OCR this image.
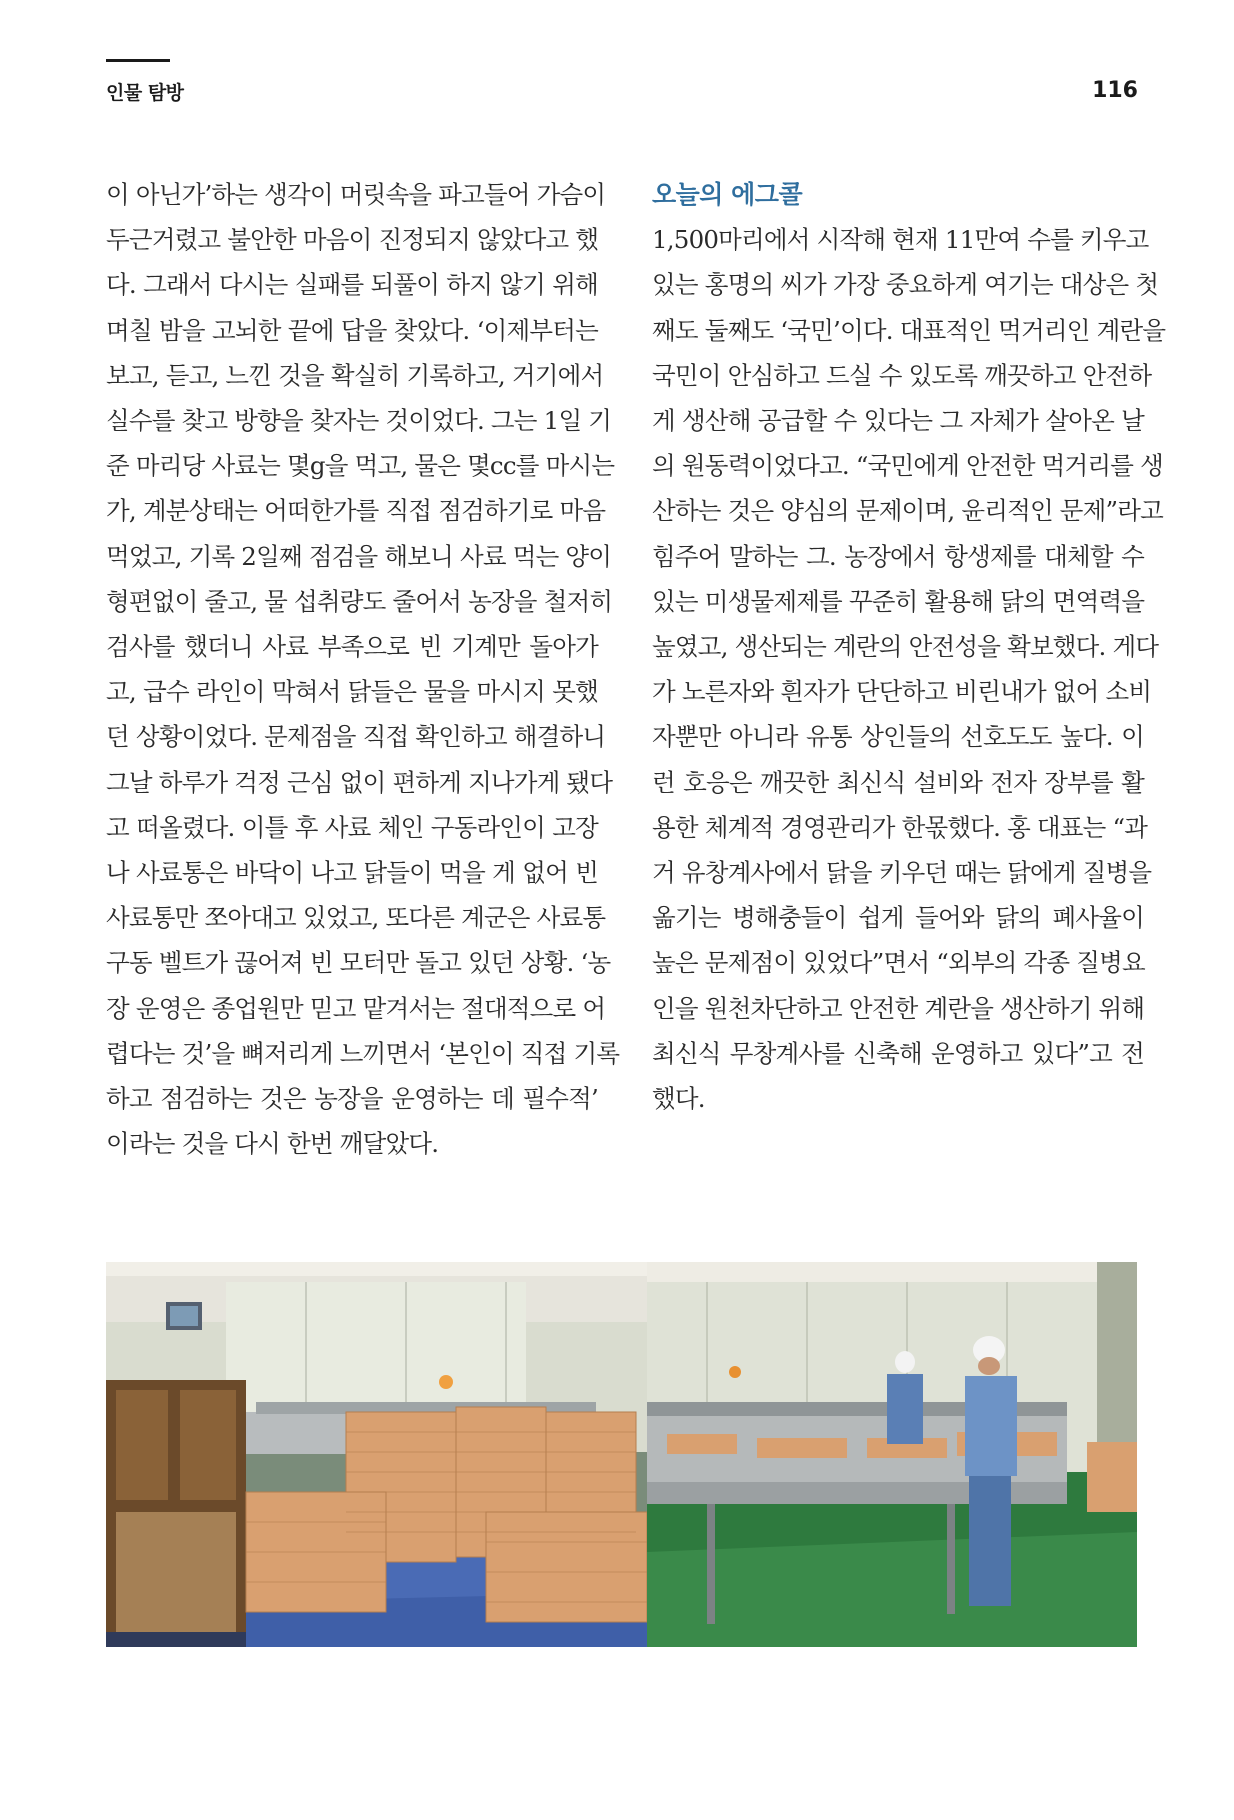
인물 탐방	116
이 아닌가’하는 생각이 머릿속을 파고들어 가슴이
두근거렸고 불안한 마음이 진정되지 않았다고 했
다. 그래서 다시는 실패를 되풀이 하지 않기 위해
며칠 밤을 고뇌한 끝에 답을 찾았다. ‘이제부터는
보고, 듣고, 느낀 것을 확실히 기록하고, 거기에서
실수를 찾고 방향을 찾자는 것이었다. 그는 1일 기
준 마리당 사료는 몇g을 먹고, 물은 몇cc를 마시는
가, 계분상태는 어떠한가를 직접 점검하기로 마음
먹었고, 기록 2일째 점검을 해보니 사료 먹는 양이
형편없이 줄고, 물 섭취량도 줄어서 농장을 철저히
검사를 했더니 사료 부족으로 빈 기계만 돌아가
고, 급수 라인이 막혀서 닭들은 물을 마시지 못했
던 상황이었다. 문제점을 직접 확인하고 해결하니
그날 하루가 걱정 근심 없이 편하게 지나가게 됐다
고 떠올렸다. 이틀 후 사료 체인 구동라인이 고장
나 사료통은 바닥이 나고 닭들이 먹을 게 없어 빈
사료통만 쪼아대고 있었고, 또다른 계군은 사료통
구동 벨트가 끊어져 빈 모터만 돌고 있던 상황. ‘농
장 운영은 종업원만 믿고 맡겨서는 절대적으로 어
렵다는 것’을 뼈저리게 느끼면서 ‘본인이 직접 기록
하고 점검하는 것은 농장을 운영하는 데 필수적’
이라는 것을 다시 한번 깨달았다.
오늘의 에그콜
1,500마리에서 시작해 현재 11만여 수를 키우고
있는 홍명의 씨가 가장 중요하게 여기는 대상은 첫
째도 둘째도 ‘국민’이다. 대표적인 먹거리인 계란을
국민이 안심하고 드실 수 있도록 깨끗하고 안전하
게 생산해 공급할 수 있다는 그 자체가 살아온 날
의 원동력이었다고. “국민에게 안전한 먹거리를 생
산하는 것은 양심의 문제이며, 윤리적인 문제”라고
힘주어 말하는 그. 농장에서 항생제를 대체할 수
있는 미생물제제를 꾸준히 활용해 닭의 면역력을
높였고, 생산되는 계란의 안전성을 확보했다. 게다
가 노른자와 흰자가 단단하고 비린내가 없어 소비
자뿐만 아니라 유통 상인들의 선호도도 높다. 이
런 호응은 깨끗한 최신식 설비와 전자 장부를 활
용한 체계적 경영관리가 한몫했다. 홍 대표는 “과
거 유창계사에서 닭을 키우던 때는 닭에게 질병을
옮기는 병해충들이 쉽게 들어와 닭의 폐사율이
높은 문제점이 있었다”면서 “외부의 각종 질병요
인을 원천차단하고 안전한 계란을 생산하기 위해
최신식 무창계사를 신축해 운영하고 있다”고 전
했다.
